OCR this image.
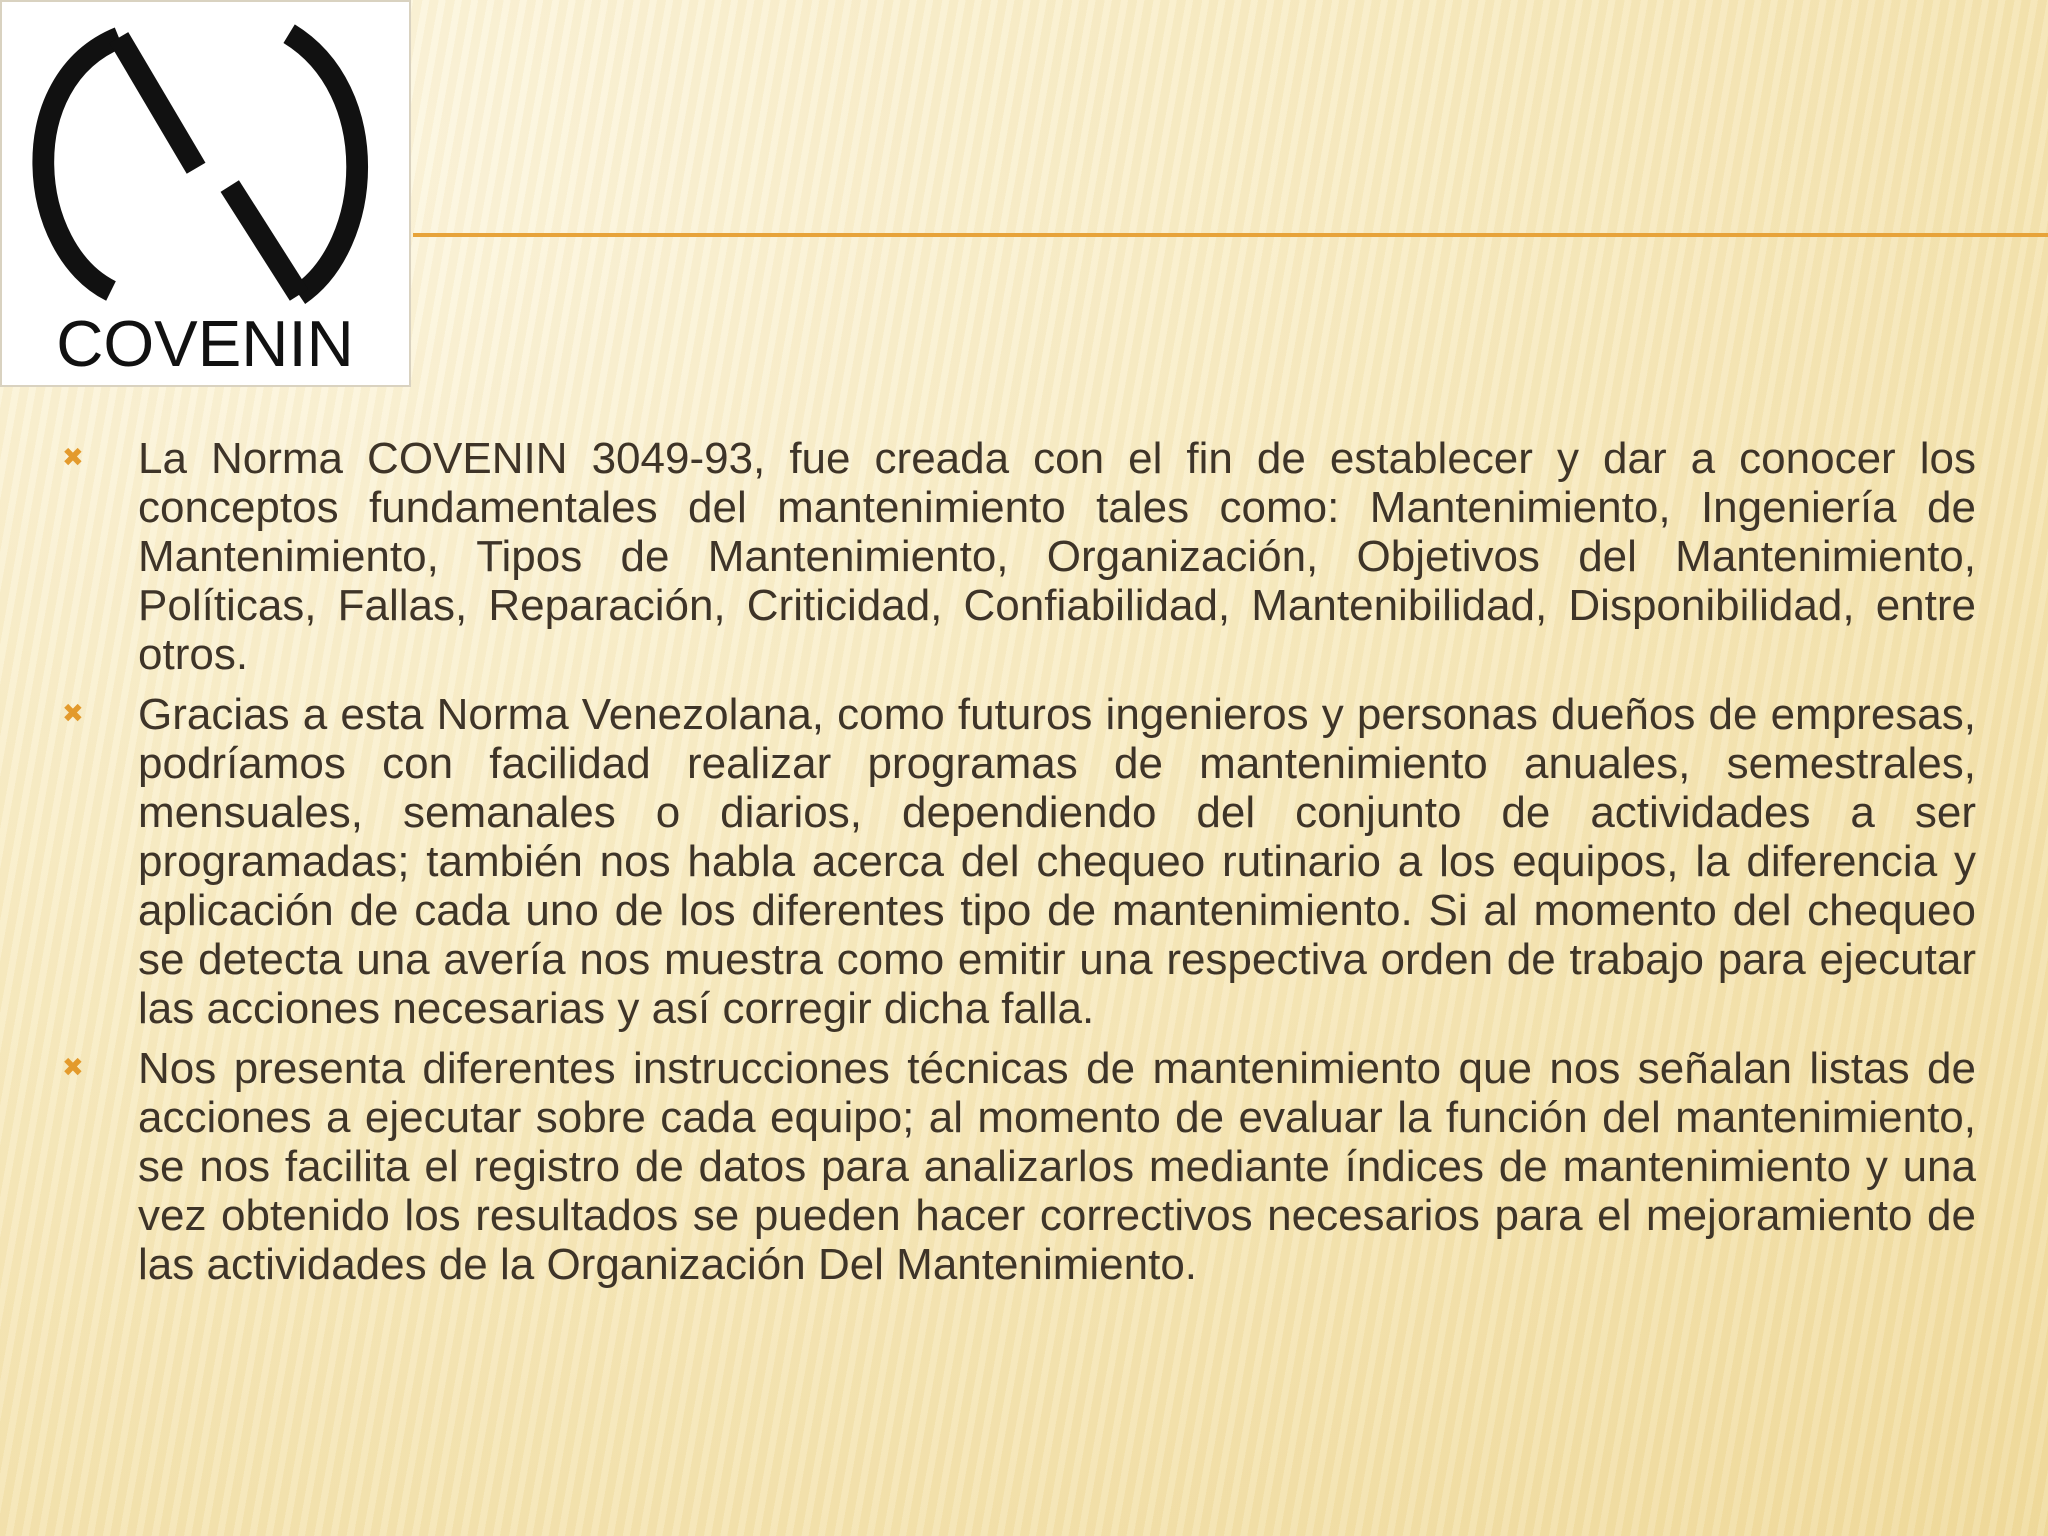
COVENIN
✖ La Norma COVENIN 3049-93, fue creada con el fin de establecer y dar a conocer los conceptos fundamentales del mantenimiento tales como: Mantenimiento, Ingeniería de Mantenimiento, Tipos de Mantenimiento, Organización, Objetivos del Mantenimiento, Políticas, Fallas, Reparación, Criticidad, Confiabilidad, Mantenibilidad, Disponibilidad, entre otros.
✖ Gracias a esta Norma Venezolana, como futuros ingenieros y personas dueños de empresas, podríamos con facilidad realizar programas de mantenimiento anuales, semestrales, mensuales, semanales o diarios, dependiendo del conjunto de actividades a ser programadas; también nos habla acerca del chequeo rutinario a los equipos, la diferencia y aplicación de cada uno de los diferentes tipo de mantenimiento. Si al momento del chequeo se detecta una avería nos muestra como emitir una respectiva orden de trabajo para ejecutar las acciones necesarias y así corregir dicha falla.
✖ Nos presenta diferentes instrucciones técnicas de mantenimiento que nos señalan listas de acciones a ejecutar sobre cada equipo; al momento de evaluar la función del mantenimiento, se nos facilita el registro de datos para analizarlos mediante índices de mantenimiento y una vez obtenido los resultados se pueden hacer correctivos necesarios para el mejoramiento de las actividades de la Organización Del Mantenimiento.
